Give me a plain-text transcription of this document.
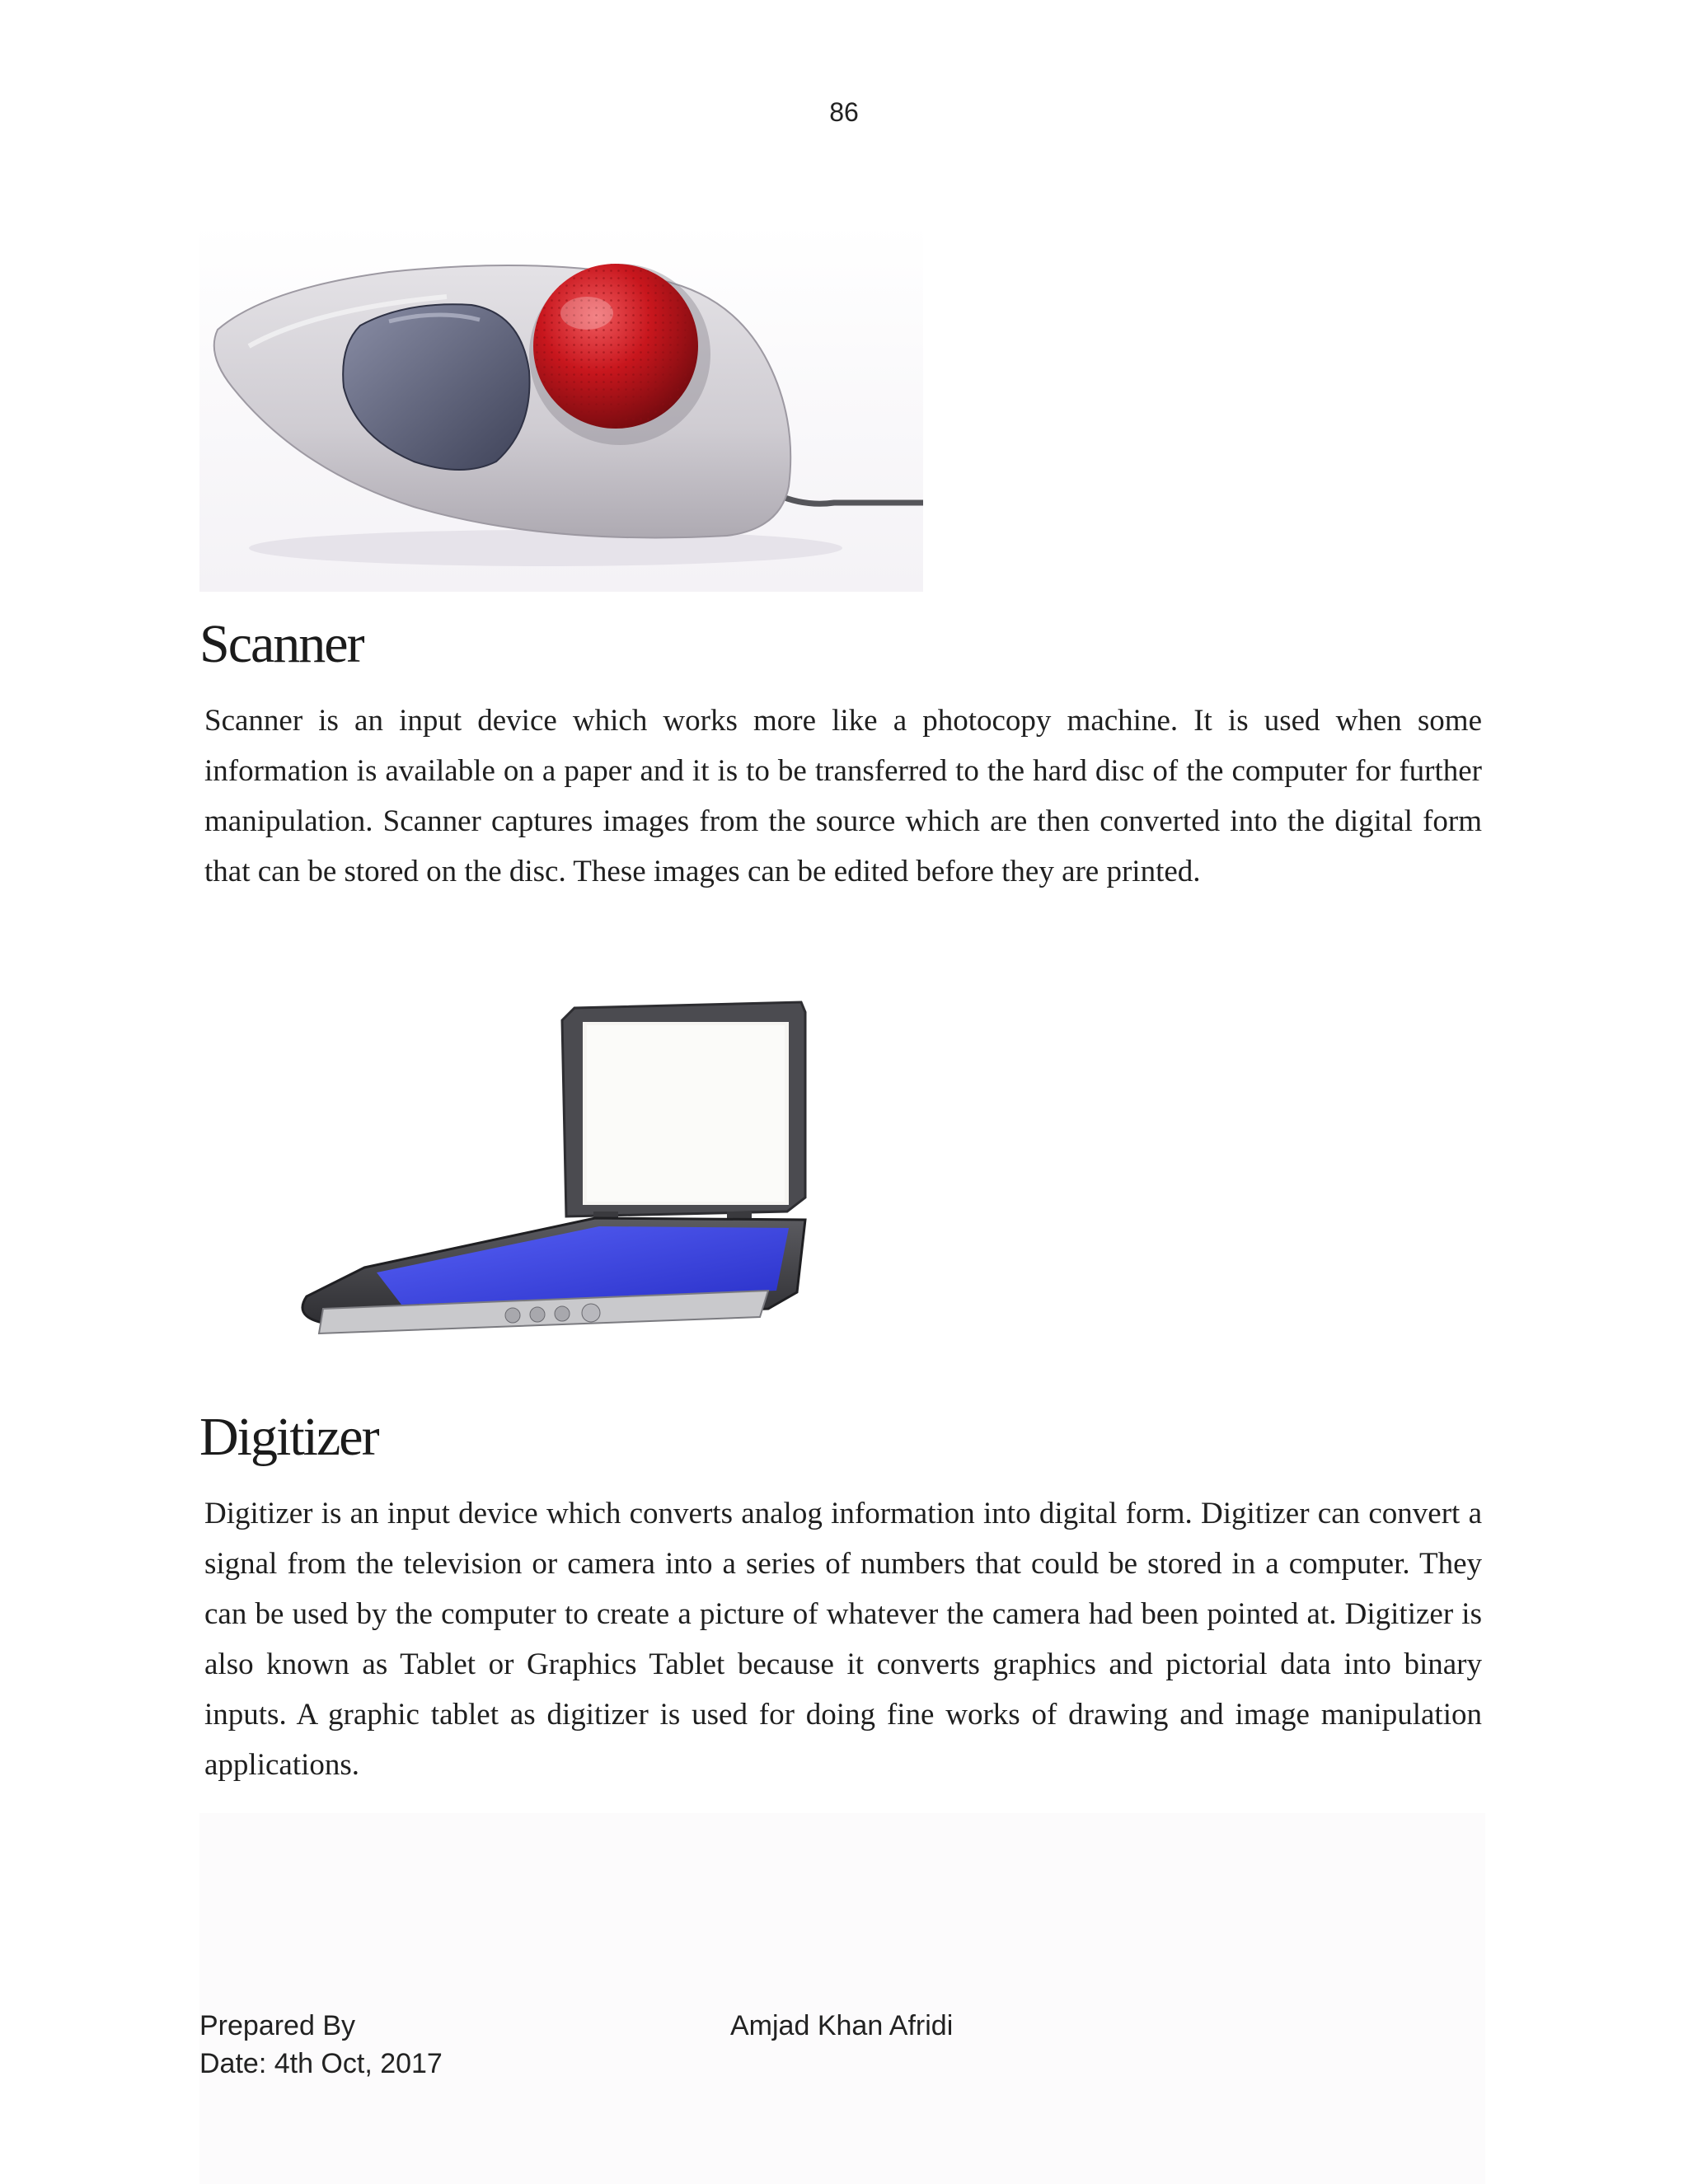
86
Scanner
Scanner is an input device which works more like a photocopy machine. It is used when some information is available on a paper and it is to be transferred to the hard disc of the computer for further manipulation. Scanner captures images from the source which are then converted into the digital form that can be stored on the disc. These images can be edited before they are printed.
Digitizer
Digitizer is an input device which converts analog information into digital form. Digitizer can convert a signal from the television or camera into a series of numbers that could be stored in a computer. They can be used by the computer to create a picture of whatever the camera had been pointed at. Digitizer is also known as Tablet or Graphics Tablet because it converts graphics and pictorial data into binary inputs. A graphic tablet as digitizer is used for doing fine works of drawing and image manipulation applications.
Prepared By
Date: 4th Oct, 2017
Amjad Khan Afridi
